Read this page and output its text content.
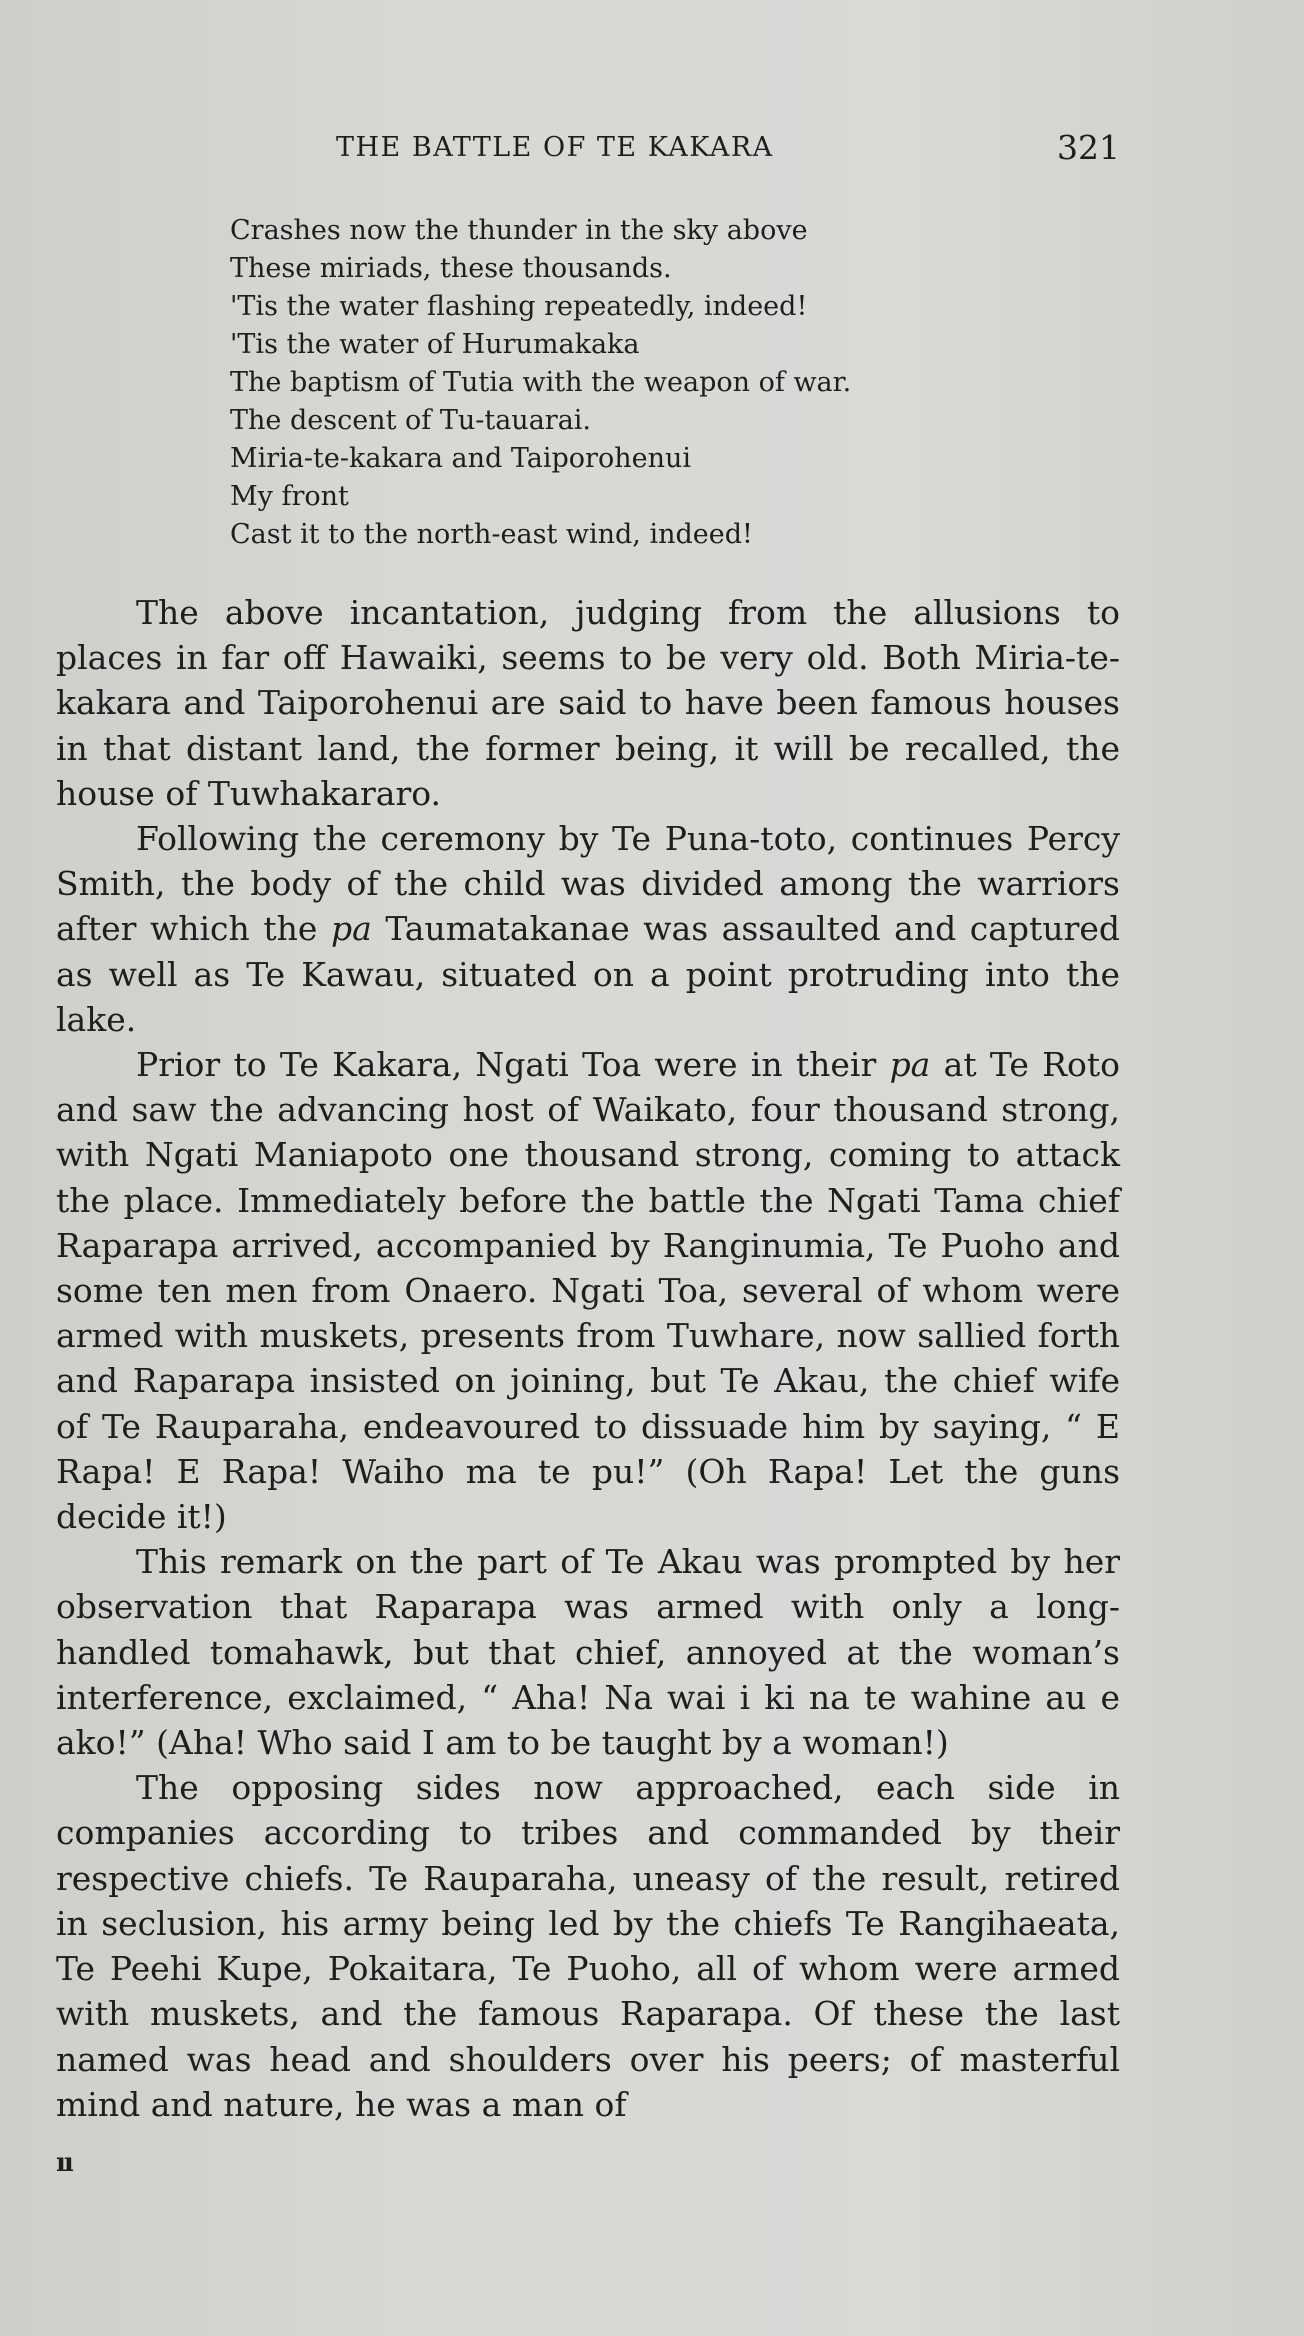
THE BATTLE OF TE KAKARA	321
Crashes now the thunder in the sky above
These miriads, these thousands.
'Tis the water flashing repeatedly, indeed!
'Tis the water of Hurumakaka
The baptism of Tutia with the weapon of war.
The descent of Tu-tauarai.
Miria-te-kakara and Taiporohenui
My front
Cast it to the north-east wind, indeed!

The above incantation, judging from the allusions to places in far off Hawaiki, seems to be very old. Both Miria-te-kakara and Taiporohenui are said to have been famous houses in that distant land, the former being, it will be recalled, the house of Tuwhakararo.

Following the ceremony by Te Puna-toto, continues Percy Smith, the body of the child was divided among the warriors after which the pa Taumatakanae was assaulted and captured as well as Te Kawau, situated on a point protruding into the lake.

Prior to Te Kakara, Ngati Toa were in their pa at Te Roto and saw the advancing host of Waikato, four thousand strong, with Ngati Maniapoto one thousand strong, coming to attack the place. Immediately before the battle the Ngati Tama chief Raparapa arrived, accompanied by Ranginumia, Te Puoho and some ten men from Onaero. Ngati Toa, several of whom were armed with muskets, presents from Tuwhare, now sallied forth and Raparapa insisted on joining, but Te Akau, the chief wife of Te Rauparaha, endeavoured to dissuade him by saying, “ E Rapa! E Rapa! Waiho ma te pu!” (Oh Rapa! Let the guns decide it!)

This remark on the part of Te Akau was prompted by her observation that Raparapa was armed with only a long-handled tomahawk, but that chief, annoyed at the woman’s interference, exclaimed, “ Aha! Na wai i ki na te wahine au e ako!” (Aha! Who said I am to be taught by a woman!)

The opposing sides now approached, each side in companies according to tribes and commanded by their respective chiefs. Te Rauparaha, uneasy of the result, retired in seclusion, his army being led by the chiefs Te Rangihaeata, Te Peehi Kupe, Pokaitara, Te Puoho, all of whom were armed with muskets, and the famous Raparapa. Of these the last named was head and shoulders over his peers; of masterful mind and nature, he was a man of

ıı
